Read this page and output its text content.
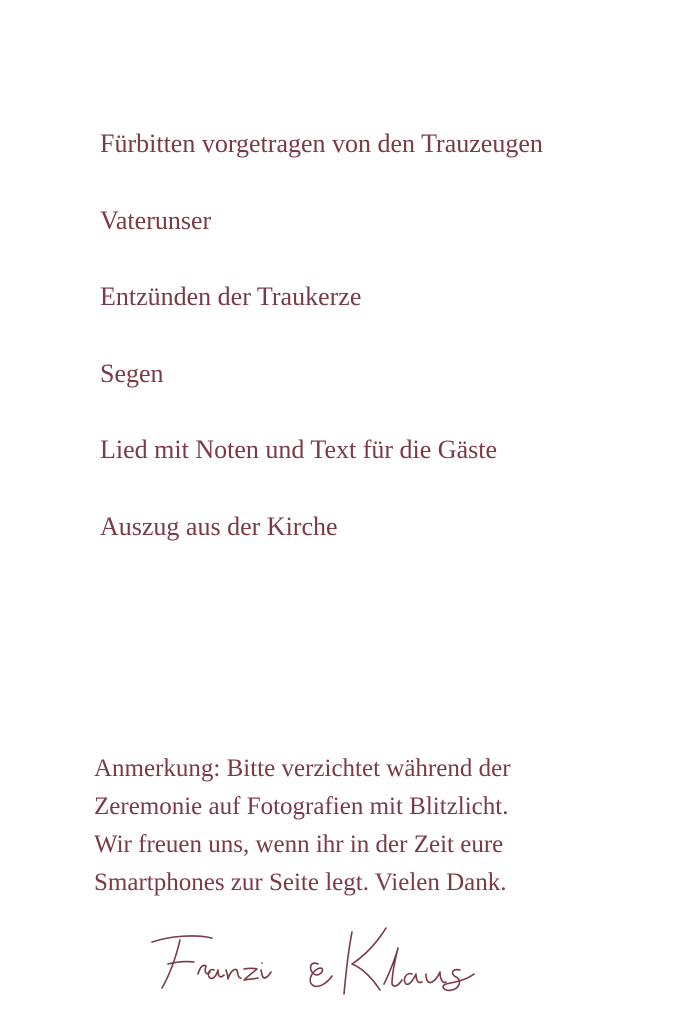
Fürbitten vorgetragen von den Trauzeugen
Vaterunser
Entzünden der Traukerze
Segen
Lied mit Noten und Text für die Gäste
Auszug aus der Kirche
Anmerkung: Bitte verzichtet während der
Zeremonie auf Fotografien mit Blitzlicht.
Wir freuen uns, wenn ihr in der Zeit eure
Smartphones zur Seite legt. Vielen Dank.
